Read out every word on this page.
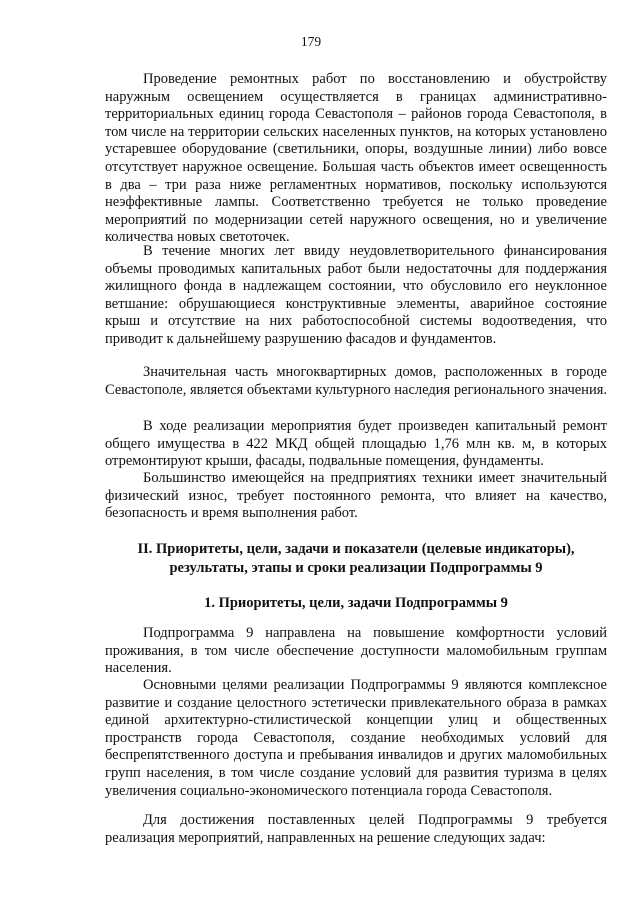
179

Проведение ремонтных работ по восстановлению и обустройству наружным освещением осуществляется в границах административно-территориальных единиц города Севастополя – районов города Севастополя, в том числе на территории сельских населенных пунктов, на которых установлено устаревшее оборудование (светильники, опоры, воздушные линии) либо вовсе отсутствует наружное освещение. Большая часть объектов имеет освещенность в два – три раза ниже регламентных нормативов, поскольку используются неэффективные лампы. Соответственно требуется не только проведение мероприятий по модернизации сетей наружного освещения, но и увеличение количества новых светоточек.

В течение многих лет ввиду неудовлетворительного финансирования объемы проводимых капитальных работ были недостаточны для поддержания жилищного фонда в надлежащем состоянии, что обусловило его неуклонное ветшание: обрушающиеся конструктивные элементы, аварийное состояние крыш и отсутствие на них работоспособной системы водоотведения, что приводит к дальнейшему разрушению фасадов и фундаментов.

Значительная часть многоквартирных домов, расположенных в городе Севастополе, является объектами культурного наследия регионального значения.

В ходе реализации мероприятия будет произведен капитальный ремонт общего имущества в 422 МКД общей площадью 1,76 млн кв. м, в которых отремонтируют крыши, фасады, подвальные помещения, фундаменты.

Большинство имеющейся на предприятиях техники имеет значительный физический износ, требует постоянного ремонта, что влияет на качество, безопасность и время выполнения работ.

II. Приоритеты, цели, задачи и показатели (целевые индикаторы), результаты, этапы и сроки реализации Подпрограммы 9
1. Приоритеты, цели, задачи Подпрограммы 9

Подпрограмма 9 направлена на повышение комфортности условий проживания, в том числе обеспечение доступности маломобильным группам населения.

Основными целями реализации Подпрограммы 9 являются комплексное развитие и создание целостного эстетически привлекательного образа в рамках единой архитектурно-стилистической концепции улиц и общественных пространств города Севастополя, создание необходимых условий для беспрепятственного доступа и пребывания инвалидов и других маломобильных групп населения, в том числе создание условий для развития туризма в целях увеличения социально-экономического потенциала города Севастополя.

Для достижения поставленных целей Подпрограммы 9 требуется реализация мероприятий, направленных на решение следующих задач:
